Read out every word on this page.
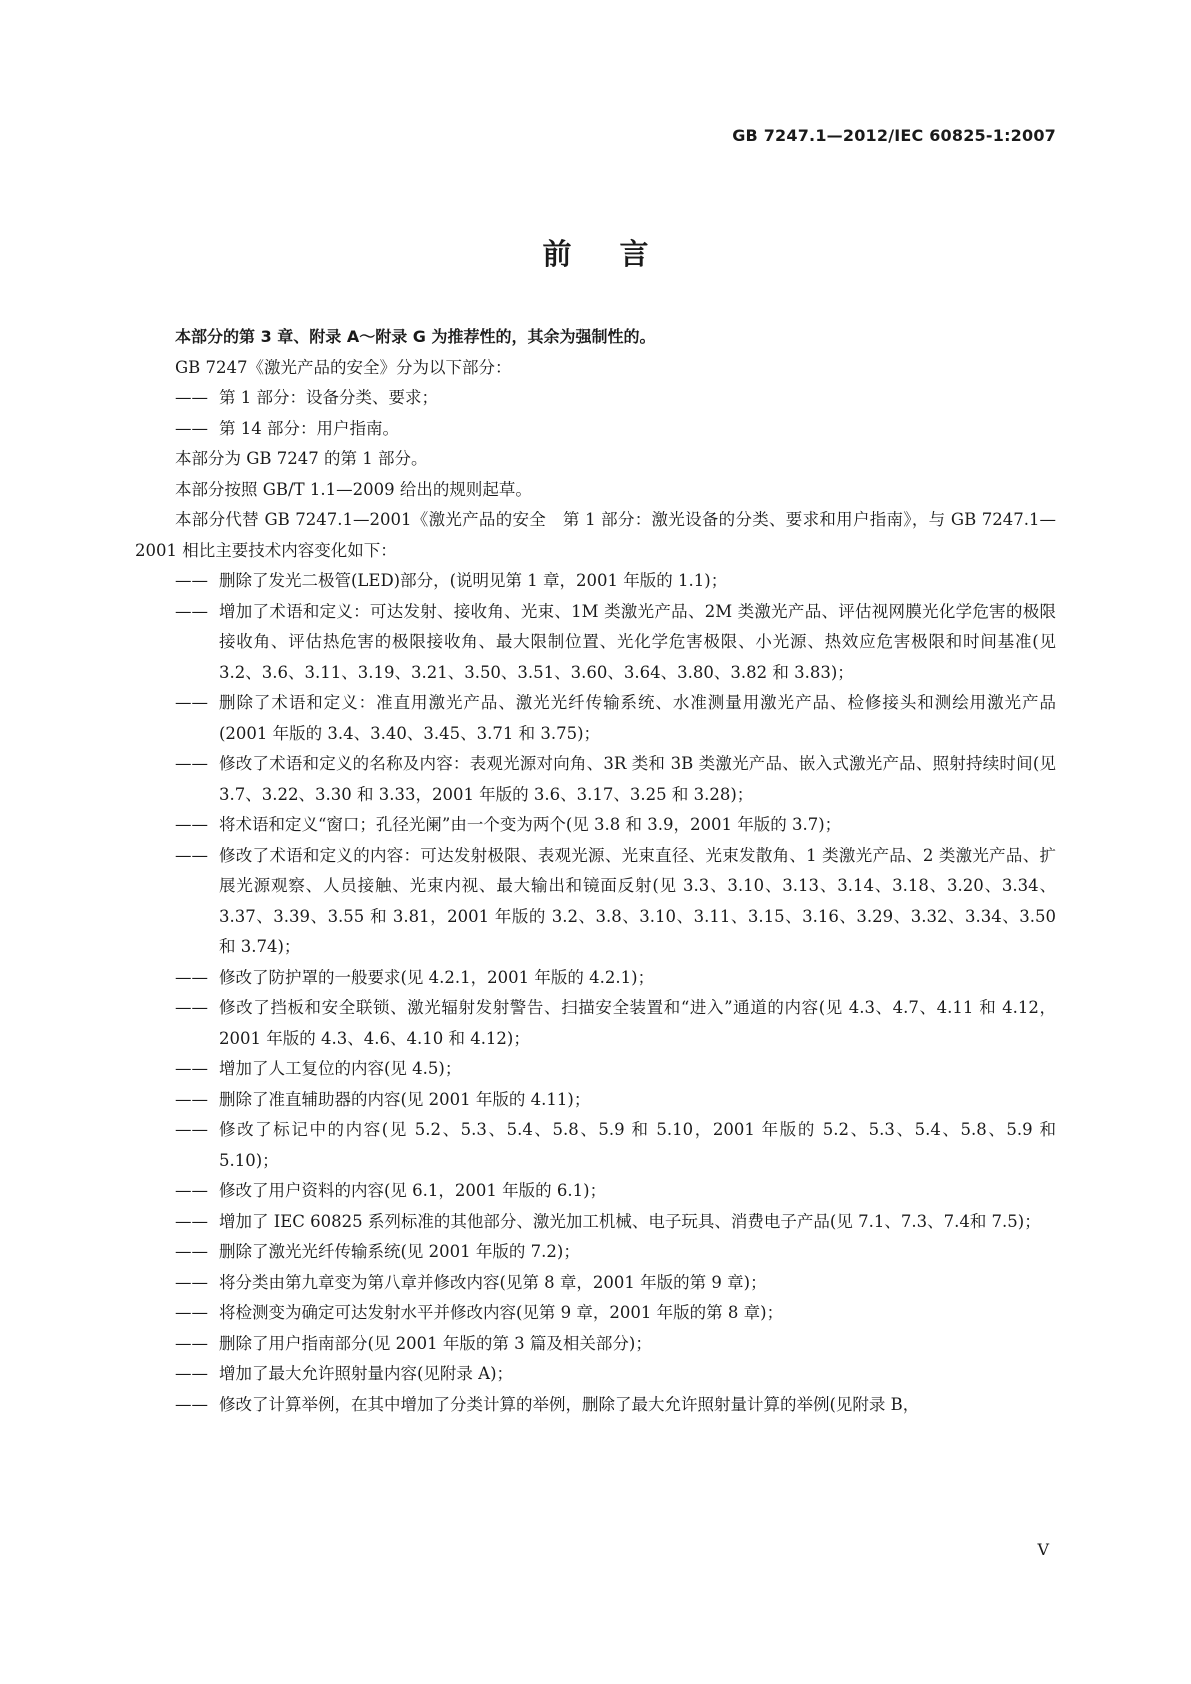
GB 7247.1—2012/IEC 60825-1:2007
前言

本部分的第 3 章、附录 A～附录 G 为推荐性的，其余为强制性的。

GB 7247《激光产品的安全》分为以下部分：

—— 第 1 部分：设备分类、要求；
—— 第 14 部分：用户指南。

本部分为 GB 7247 的第 1 部分。

本部分按照 GB/T 1.1—2009 给出的规则起草。

本部分代替 GB 7247.1—2001《激光产品的安全　第 1 部分：激光设备的分类、要求和用户指南》，与 GB 7247.1—2001 相比主要技术内容变化如下：

—— 删除了发光二极管(LED)部分，(说明见第 1 章，2001 年版的 1.1)；
—— 增加了术语和定义：可达发射、接收角、光束、1M 类激光产品、2M 类激光产品、评估视网膜光化学危害的极限接收角、评估热危害的极限接收角、最大限制位置、光化学危害极限、小光源、热效应危害极限和时间基准(见 3.2、3.6、3.11、3.19、3.21、3.50、3.51、3.60、3.64、3.80、3.82 和 3.83)；
—— 删除了术语和定义：准直用激光产品、激光光纤传输系统、水准测量用激光产品、检修接头和测绘用激光产品(2001 年版的 3.4、3.40、3.45、3.71 和 3.75)；
—— 修改了术语和定义的名称及内容：表观光源对向角、3R 类和 3B 类激光产品、嵌入式激光产品、照射持续时间(见 3.7、3.22、3.30 和 3.33，2001 年版的 3.6、3.17、3.25 和 3.28)；
—— 将术语和定义“窗口；孔径光阑”由一个变为两个(见 3.8 和 3.9，2001 年版的 3.7)；
—— 修改了术语和定义的内容：可达发射极限、表观光源、光束直径、光束发散角、1 类激光产品、2 类激光产品、扩展光源观察、人员接触、光束内视、最大输出和镜面反射(见 3.3、3.10、3.13、3.14、3.18、3.20、3.34、3.37、3.39、3.55 和 3.81，2001 年版的 3.2、3.8、3.10、3.11、3.15、3.16、3.29、3.32、3.34、3.50 和 3.74)；
—— 修改了防护罩的一般要求(见 4.2.1，2001 年版的 4.2.1)；
—— 修改了挡板和安全联锁、激光辐射发射警告、扫描安全装置和“进入”通道的内容(见 4.3、4.7、4.11 和 4.12，2001 年版的 4.3、4.6、4.10 和 4.12)；
—— 增加了人工复位的内容(见 4.5)；
—— 删除了准直辅助器的内容(见 2001 年版的 4.11)；
—— 修改了标记中的内容(见 5.2、5.3、5.4、5.8、5.9 和 5.10，2001 年版的 5.2、5.3、5.4、5.8、5.9 和 5.10)；
—— 修改了用户资料的内容(见 6.1，2001 年版的 6.1)；
—— 增加了 IEC 60825 系列标准的其他部分、激光加工机械、电子玩具、消费电子产品(见 7.1、7.3、7.4和 7.5)；
—— 删除了激光光纤传输系统(见 2001 年版的 7.2)；
—— 将分类由第九章变为第八章并修改内容(见第 8 章，2001 年版的第 9 章)；
—— 将检测变为确定可达发射水平并修改内容(见第 9 章，2001 年版的第 8 章)；
—— 删除了用户指南部分(见 2001 年版的第 3 篇及相关部分)；
—— 增加了最大允许照射量内容(见附录 A)；
—— 修改了计算举例，在其中增加了分类计算的举例，删除了最大允许照射量计算的举例(见附录 B，
V
